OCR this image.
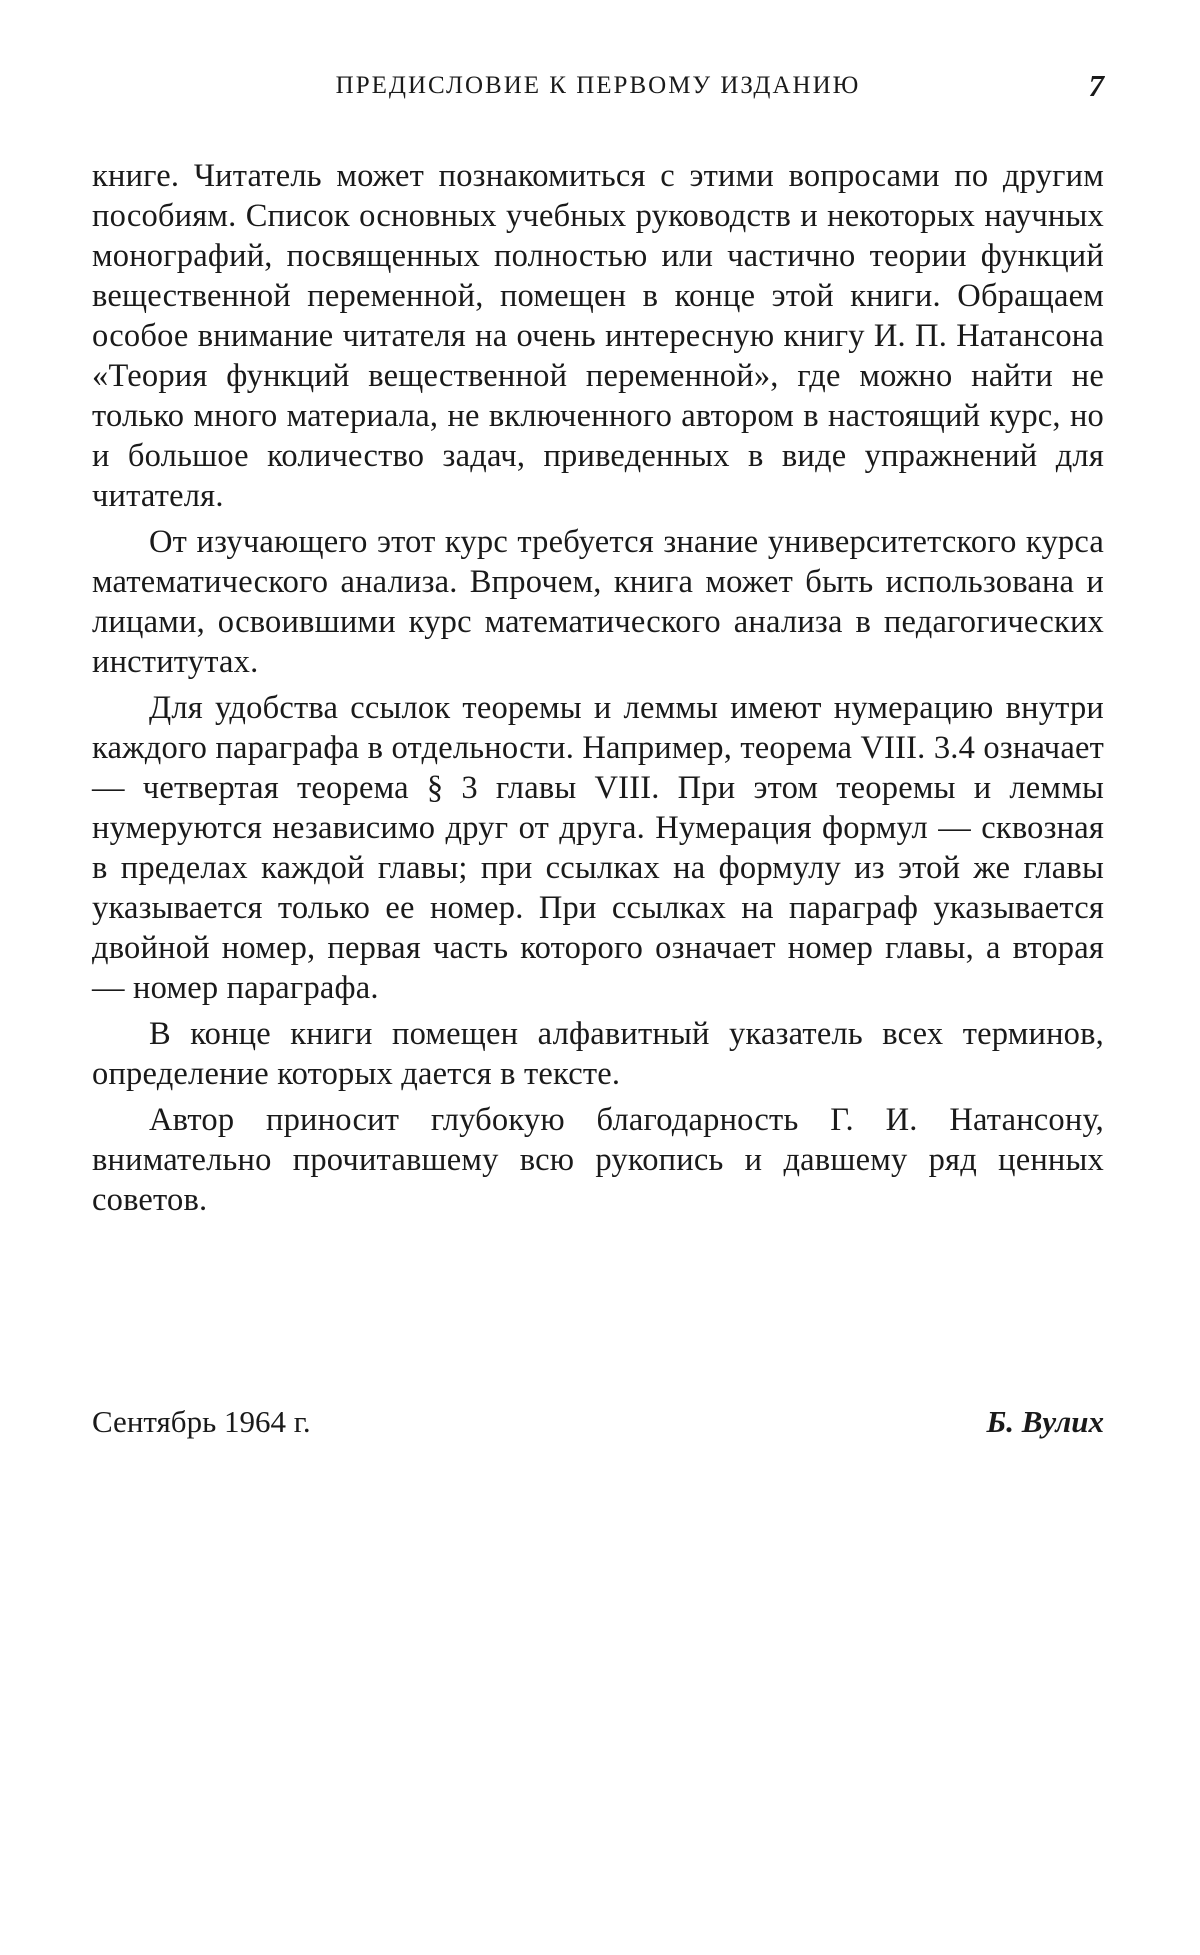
ПРЕДИСЛОВИЕ К ПЕРВОМУ ИЗДАНИЮ	7

книге. Читатель может познакомиться с этими вопросами по другим пособиям. Список основных учебных руководств и некоторых научных монографий, посвященных полностью или частично теории функций вещественной переменной, помещен в конце этой книги. Обращаем особое внимание читателя на очень интересную книгу И. П. Натансона «Теория функций вещественной переменной», где можно найти не только много материала, не включенного автором в настоящий курс, но и большое количество задач, приведенных в виде упражнений для читателя.

От изучающего этот курс требуется знание университетского курса математического анализа. Впрочем, книга может быть использована и лицами, освоившими курс математического анализа в педагогических институтах.

Для удобства ссылок теоремы и леммы имеют нумерацию внутри каждого параграфа в отдельности. Например, теорема VIII. 3.4 означает — четвертая теорема § 3 главы VIII. При этом теоремы и леммы нумеруются независимо друг от друга. Нумерация формул — сквозная в пределах каждой главы; при ссылках на формулу из этой же главы указывается только ее номер. При ссылках на параграф указывается двойной номер, первая часть которого означает номер главы, а вторая — номер параграфа.

В конце книги помещен алфавитный указатель всех терминов, определение которых дается в тексте.

Автор приносит глубокую благодарность Г. И. Натансону, внимательно прочитавшему всю рукопись и давшему ряд ценных советов.

Сентябрь 1964 г.	Б. Вулих
